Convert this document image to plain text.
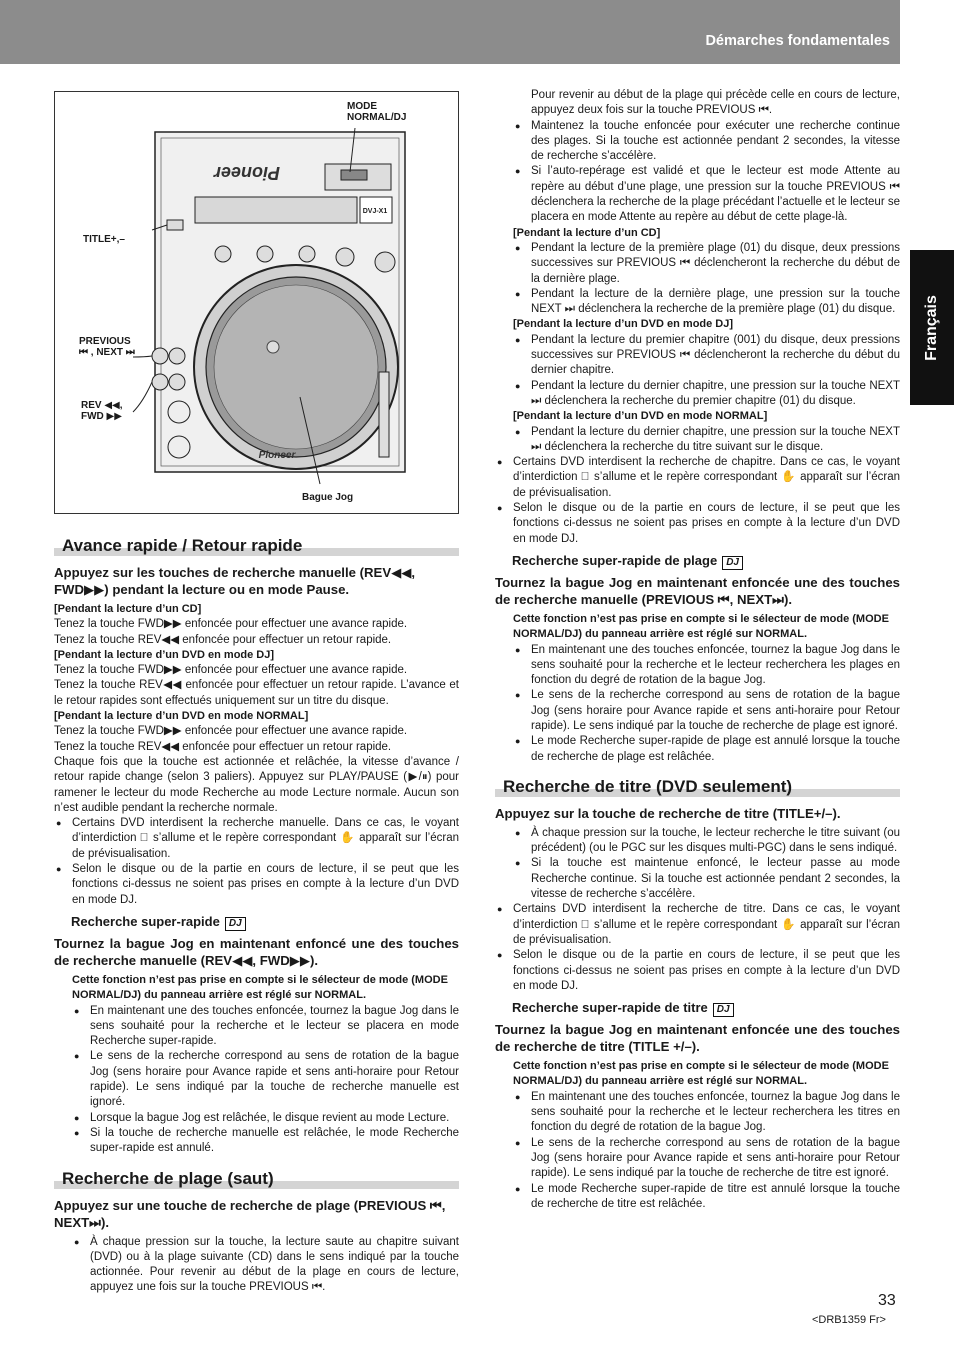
Démarches fondamentales
Français
Pioneer
DVJ-X1
Pioneer
MODE NORMAL/DJ
TITLE+,–
PREVIOUS ⏮ , NEXT ⏭
REV ◀◀, FWD ▶▶
Bague Jog
Avance rapide / Retour rapide
Appuyez sur les touches de recherche manuelle (REV◀◀, FWD▶▶) pendant la lecture ou en mode Pause.

[Pendant la lecture d’un CD]

Tenez la touche FWD▶▶ enfoncée pour effectuer une avance rapide.

Tenez la touche REV◀◀ enfoncée pour effectuer un retour rapide.

[Pendant la lecture d’un DVD en mode DJ]

Tenez la touche FWD▶▶ enfoncée pour effectuer une avance rapide.

Tenez la touche REV◀◀ enfoncée pour effectuer un retour rapide. L’avance et le retour rapides sont effectués uniquement sur un titre du disque.

[Pendant la lecture d’un DVD en mode NORMAL]

Tenez la touche FWD▶▶ enfoncée pour effectuer une avance rapide.

Tenez la touche REV◀◀ enfoncée pour effectuer un retour rapide.

Chaque fois que la touche est actionnée et relâchée, la vitesse d’avance / retour rapide change (selon 3 paliers). Appuyez sur PLAY/PAUSE (▶/⏸) pour ramener le lecteur du mode Recherche au mode Lecture normale. Aucun son n’est audible pendant la recherche normale.

● Certains DVD interdisent la recherche manuelle. Dans ce cas, le voyant d’interdiction ⃠ s’allume et le repère correspondant ✋ apparaît sur l’écran de prévisualisation.
● Selon le disque ou de la partie en cours de lecture, il se peut que les fonctions ci-dessus ne soient pas prises en compte à la lecture d’un DVD en mode DJ.
Recherche super-rapide DJ
Tournez la bague Jog en maintenant enfoncé une des touches de recherche manuelle (REV◀◀, FWD▶▶).

Cette fonction n’est pas prise en compte si le sélecteur de mode (MODE NORMAL/DJ) du panneau arrière est réglé sur NORMAL.

● En maintenant une des touches enfoncée, tournez la bague Jog dans le sens souhaité pour la recherche et le lecteur se placera en mode Recherche super-rapide.
● Le sens de la recherche correspond au sens de rotation de la bague Jog (sens horaire pour Avance rapide et sens anti-horaire pour Retour rapide). Le sens indiqué par la touche de recherche manuelle est ignoré.
● Lorsque la bague Jog est relâchée, le disque revient au mode Lecture.
● Si la touche de recherche manuelle est relâchée, le mode Recherche super-rapide est annulé.
Recherche de plage (saut)
Appuyez sur une touche de recherche de plage (PREVIOUS ⏮, NEXT⏭).
● À chaque pression sur la touche, la lecture saute au chapitre suivant (DVD) ou à la plage suivante (CD) dans le sens indiqué par la touche actionnée. Pour revenir au début de la plage en cours de lecture, appuyez une fois sur la touche PREVIOUS ⏮.

Pour revenir au début de la plage qui précède celle en cours de lecture, appuyez deux fois sur la touche PREVIOUS ⏮.

● Maintenez la touche enfoncée pour exécuter une recherche continue des plages. Si la touche est actionnée pendant 2 secondes, la vitesse de recherche s’accélère.
● Si l’auto-repérage est validé et que le lecteur est mode Attente au repère au début d’une plage, une pression sur la touche PREVIOUS ⏮ déclenchera la recherche de la plage précédant l’actuelle et le lecteur se placera en mode Attente au repère au début de cette plage-là.

[Pendant la lecture d’un CD]

● Pendant la lecture de la première plage (01) du disque, deux pressions successives sur PREVIOUS ⏮ déclencheront la recherche du début de la dernière plage.
● Pendant la lecture de la dernière plage, une pression sur la touche NEXT ⏭ déclenchera la recherche de la première plage (01) du disque.

[Pendant la lecture d’un DVD en mode DJ]

● Pendant la lecture du premier chapitre (001) du disque, deux pressions successives sur PREVIOUS ⏮ déclencheront la recherche du début du dernier chapitre.
● Pendant la lecture du dernier chapitre, une pression sur la touche NEXT ⏭ déclenchera la recherche du premier chapitre (01) du disque.

[Pendant la lecture d’un DVD en mode NORMAL]

● Pendant la lecture du dernier chapitre, une pression sur la touche NEXT ⏭ déclenchera la recherche du titre suivant sur le disque.
● Certains DVD interdisent la recherche de chapitre. Dans ce cas, le voyant d’interdiction ⃠ s’allume et le repère correspondant ✋ apparaît sur l’écran de prévisualisation.
● Selon le disque ou de la partie en cours de lecture, il se peut que les fonctions ci-dessus ne soient pas prises en compte à la lecture d’un DVD en mode DJ.
Recherche super-rapide de plage DJ
Tournez la bague Jog en maintenant enfoncée une des touches de recherche manuelle (PREVIOUS ⏮, NEXT⏭).

Cette fonction n’est pas prise en compte si le sélecteur de mode (MODE NORMAL/DJ) du panneau arrière est réglé sur NORMAL.

● En maintenant une des touches enfoncée, tournez la bague Jog dans le sens souhaité pour la recherche et le lecteur recherchera les plages en fonction du degré de rotation de la bague Jog.
● Le sens de la recherche correspond au sens de rotation de la bague Jog (sens horaire pour Avance rapide et sens anti-horaire pour Retour rapide). Le sens indiqué par la touche de recherche de plage est ignoré.
● Le mode Recherche super-rapide de plage est annulé lorsque la touche de recherche de plage est relâchée.
Recherche de titre (DVD seulement)
Appuyez sur la touche de recherche de titre (TITLE+/–).
● À chaque pression sur la touche, le lecteur recherche le titre suivant (ou précédent) (ou le PGC sur les disques multi-PGC) dans le sens indiqué.
● Si la touche est maintenue enfoncé, le lecteur passe au mode Recherche continue. Si la touche est actionnée pendant 2 secondes, la vitesse de recherche s’accélère.
● Certains DVD interdisent la recherche de titre. Dans ce cas, le voyant d’interdiction ⃠ s’allume et le repère correspondant ✋ apparaît sur l’écran de prévisualisation.
● Selon le disque ou de la partie en cours de lecture, il se peut que les fonctions ci-dessus ne soient pas prises en compte à la lecture d’un DVD en mode DJ.
Recherche super-rapide de titre DJ
Tournez la bague Jog en maintenant enfoncée une des touches de recherche de titre (TITLE +/–).

Cette fonction n’est pas prise en compte si le sélecteur de mode (MODE NORMAL/DJ) du panneau arrière est réglé sur NORMAL.

● En maintenant une des touches enfoncée, tournez la bague Jog dans le sens souhaité pour la recherche et le lecteur recherchera les titres en fonction du degré de rotation de la bague Jog.
● Le sens de la recherche correspond au sens de rotation de la bague Jog (sens horaire pour Avance rapide et sens anti-horaire pour Retour rapide). Le sens indiqué par la touche de recherche de titre est ignoré.
● Le mode Recherche super-rapide de titre est annulé lorsque la touche de recherche de titre est relâchée.
33
<DRB1359 Fr>
